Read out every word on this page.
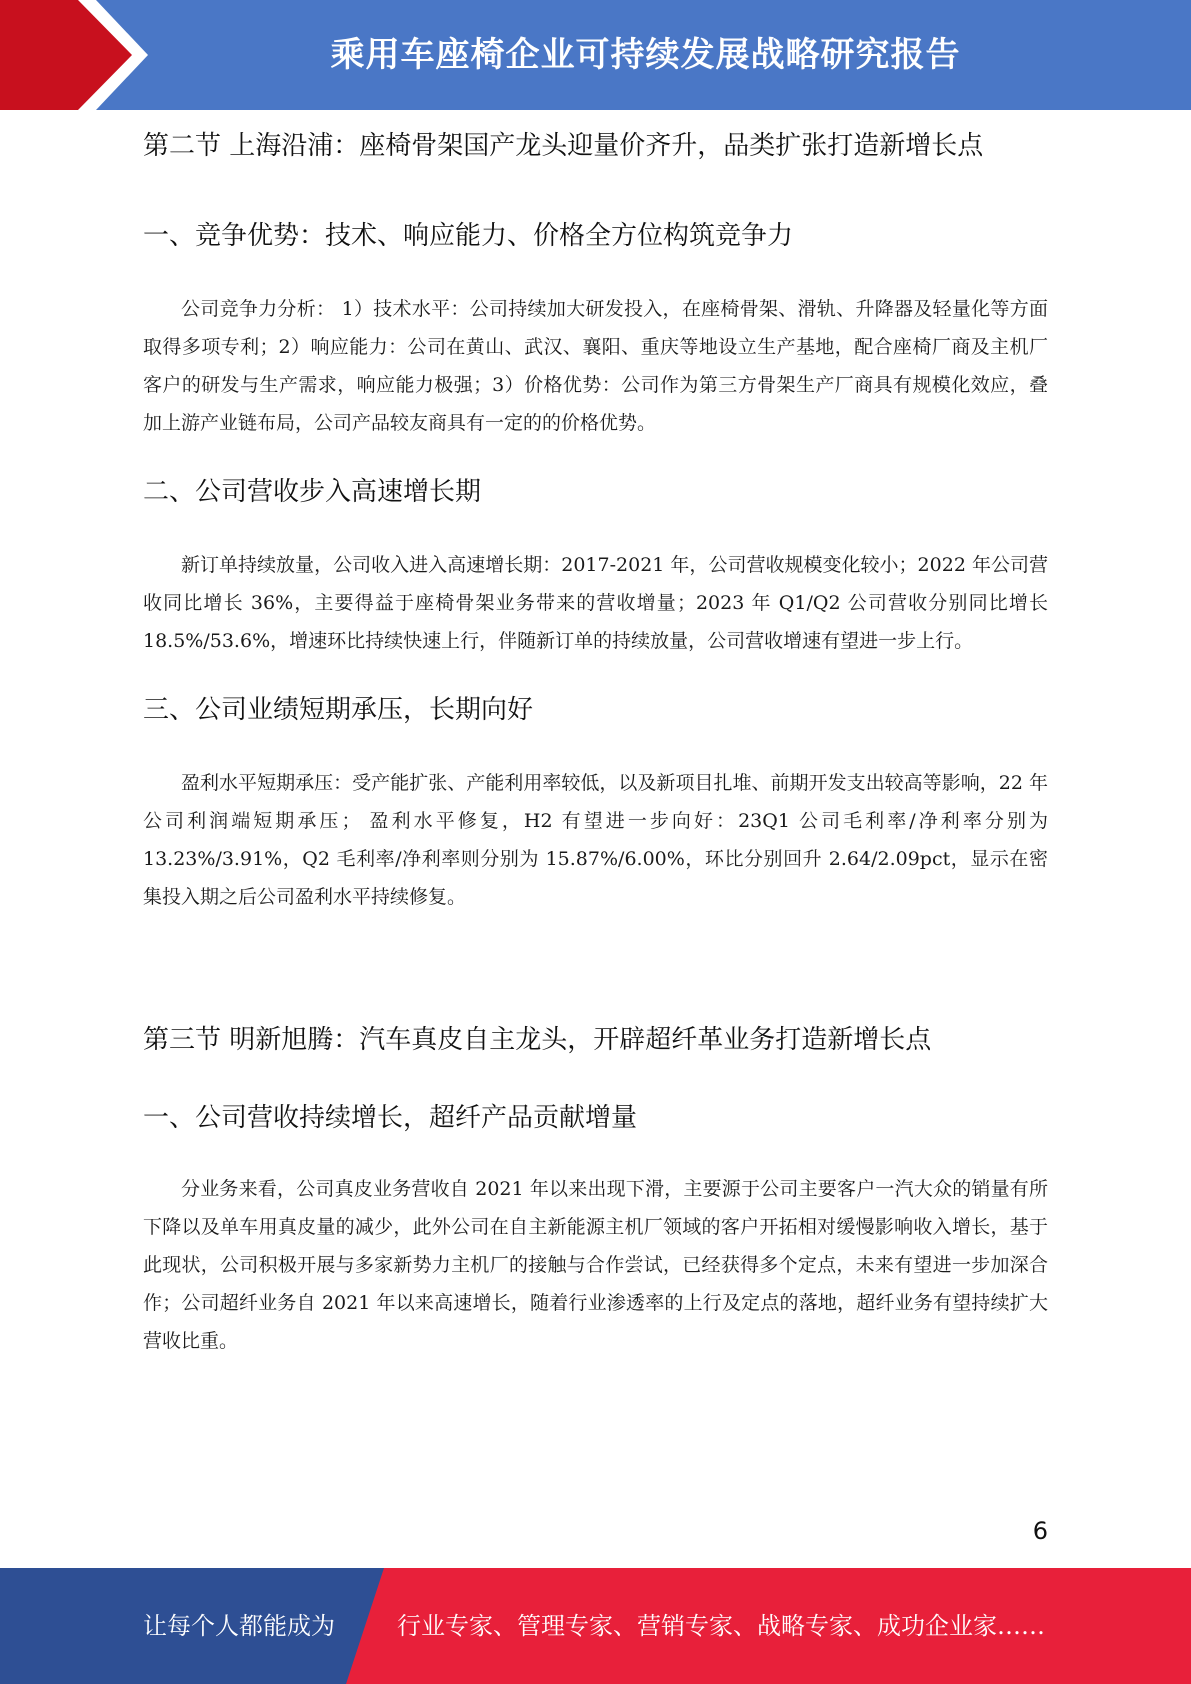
乘用车座椅企业可持续发展战略研究报告
第二节 上海沿浦：座椅骨架国产龙头迎量价齐升，品类扩张打造新增长点
一、竞争优势：技术、响应能力、价格全方位构筑竞争力

公司竞争力分析： 1）技术水平：公司持续加大研发投入，在座椅骨架、滑轨、升降器及轻量化等方面取得多项专利；2）响应能力：公司在黄山、武汉、襄阳、重庆等地设立生产基地，配合座椅厂商及主机厂客户的研发与生产需求，响应能力极强；3）价格优势：公司作为第三方骨架生产厂商具有规模化效应，叠加上游产业链布局，公司产品较友商具有一定的的价格优势。

二、公司营收步入高速增长期

新订单持续放量，公司收入进入高速增长期：2017-2021 年，公司营收规模变化较小；2022 年公司营收同比增长 36%，主要得益于座椅骨架业务带来的营收增量；2023 年 Q1/Q2 公司营收分别同比增长 18.5%/53.6%，增速环比持续快速上行，伴随新订单的持续放量，公司营收增速有望进一步上行。

三、公司业绩短期承压，长期向好

盈利水平短期承压：受产能扩张、产能利用率较低，以及新项目扎堆、前期开发支出较高等影响，22 年公司利润端短期承压； 盈利水平修复，H2 有望进一步向好：23Q1 公司毛利率/净利率分别为 13.23%/3.91%，Q2 毛利率/净利率则分别为 15.87%/6.00%，环比分别回升 2.64/2.09pct，显示在密集投入期之后公司盈利水平持续修复。

第三节 明新旭腾：汽车真皮自主龙头，开辟超纤革业务打造新增长点
一、公司营收持续增长，超纤产品贡献增量

分业务来看，公司真皮业务营收自 2021 年以来出现下滑，主要源于公司主要客户一汽大众的销量有所下降以及单车用真皮量的减少，此外公司在自主新能源主机厂领域的客户开拓相对缓慢影响收入增长，基于此现状，公司积极开展与多家新势力主机厂的接触与合作尝试，已经获得多个定点，未来有望进一步加深合作；公司超纤业务自 2021 年以来高速增长，随着行业渗透率的上行及定点的落地，超纤业务有望持续扩大营收比重。

6
让每个人都能成为	行业专家、管理专家、营销专家、战略专家、成功企业家……
